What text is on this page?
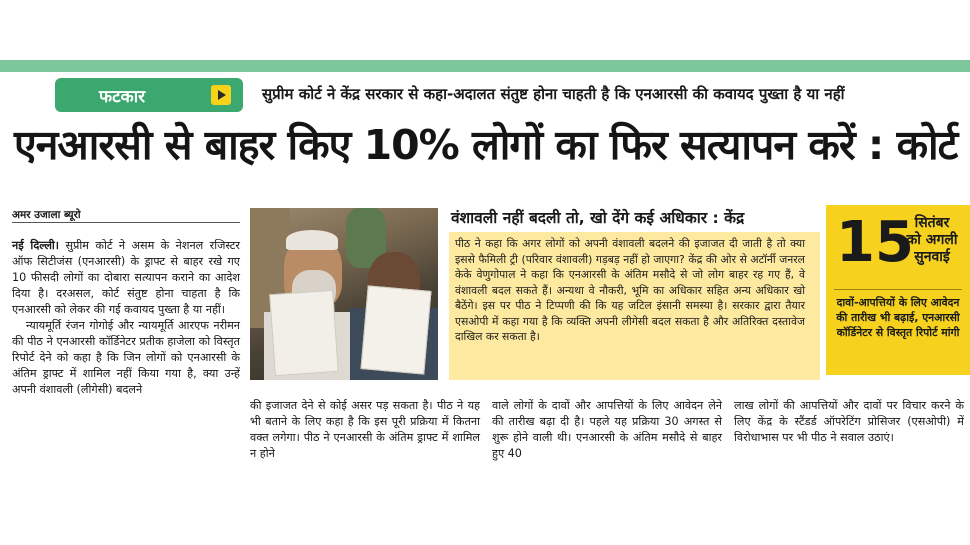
फटकार	सुप्रीम कोर्ट ने केंद्र सरकार से कहा-अदालत संतुष्ट होना चाहती है कि एनआरसी की कवायद पुख्ता है या नहीं
एनआरसी से बाहर किए 10% लोगों का फिर सत्यापन करें : कोर्ट
अमर उजाला ब्यूरो
नई दिल्ली। सुप्रीम कोर्ट ने असम के नेशनल रजिस्टर ऑफ सिटीजंस (एनआरसी) के ड्राफ्ट से बाहर रखे गए 10 फीसदी लोगों का दोबारा सत्यापन कराने का आदेश दिया है। दरअसल, कोर्ट संतुष्ट होना चाहता है कि एनआरसी को लेकर की गई कवायद पुख्ता है या नहीं।
न्यायमूर्ति रंजन गोगोई और न्यायमूर्ति आरएफ नरीमन की पीठ ने एनआरसी कॉर्डिनेटर प्रतीक हाजेला को विस्तृत रिपोर्ट देने को कहा है कि जिन लोगों को एनआरसी के अंतिम ड्राफ्ट में शामिल नहीं किया गया है, क्या उन्हें अपनी वंशावली (लीगेसी) बदलने
वंशावली नहीं बदली तो, खो देंगे कई अधिकार : केंद्र
पीठ ने कहा कि अगर लोगों को अपनी वंशावली बदलने की इजाजत दी जाती है तो क्या इससे फैमिली ट्री (परिवार वंशावली) गड़बड़ नहीं हो जाएगा? केंद्र की ओर से अटॉर्नी जनरल केके वेणुगोपाल ने कहा कि एनआरसी के अंतिम मसौदे से जो लोग बाहर रह गए हैं, वे वंशावली बदल सकते हैं। अन्यथा वे नौकरी, भूमि का अधिकार सहित अन्य अधिकार खो बैठेंगे। इस पर पीठ ने टिप्पणी की कि यह जटिल इंसानी समस्या है। सरकार द्वारा तैयार एसओपी में कहा गया है कि व्यक्ति अपनी लीगेसी बदल सकता है और अतिरिक्त दस्तावेज दाखिल कर सकता है।
15 सितंबर
को अगली
सुनवाई
दावों-आपत्तियों के लिए आवेदन की तारीख भी बढ़ाई, एनआरसी कॉर्डिनेटर से विस्तृत रिपोर्ट मांगी
की इजाजत देने से कोई असर पड़ सकता है। पीठ ने यह भी बताने के लिए कहा है कि इस पूरी प्रक्रिया में कितना वक्त लगेगा। पीठ ने एनआरसी के अंतिम ड्राफ्ट में शामिल न होने
वाले लोगों के दावों और आपत्तियों के लिए आवेदन लेने की तारीख बढ़ा दी है। पहले यह प्रक्रिया 30 अगस्त से शुरू होने वाली थी। एनआरसी के अंतिम मसौदे से बाहर हुए 40
लाख लोगों की आपत्तियों और दावों पर विचार करने के लिए केंद्र के स्टैंडर्ड ऑपरेटिंग प्रोसिजर (एसओपी) में विरोधाभास पर भी पीठ ने सवाल उठाएं।
